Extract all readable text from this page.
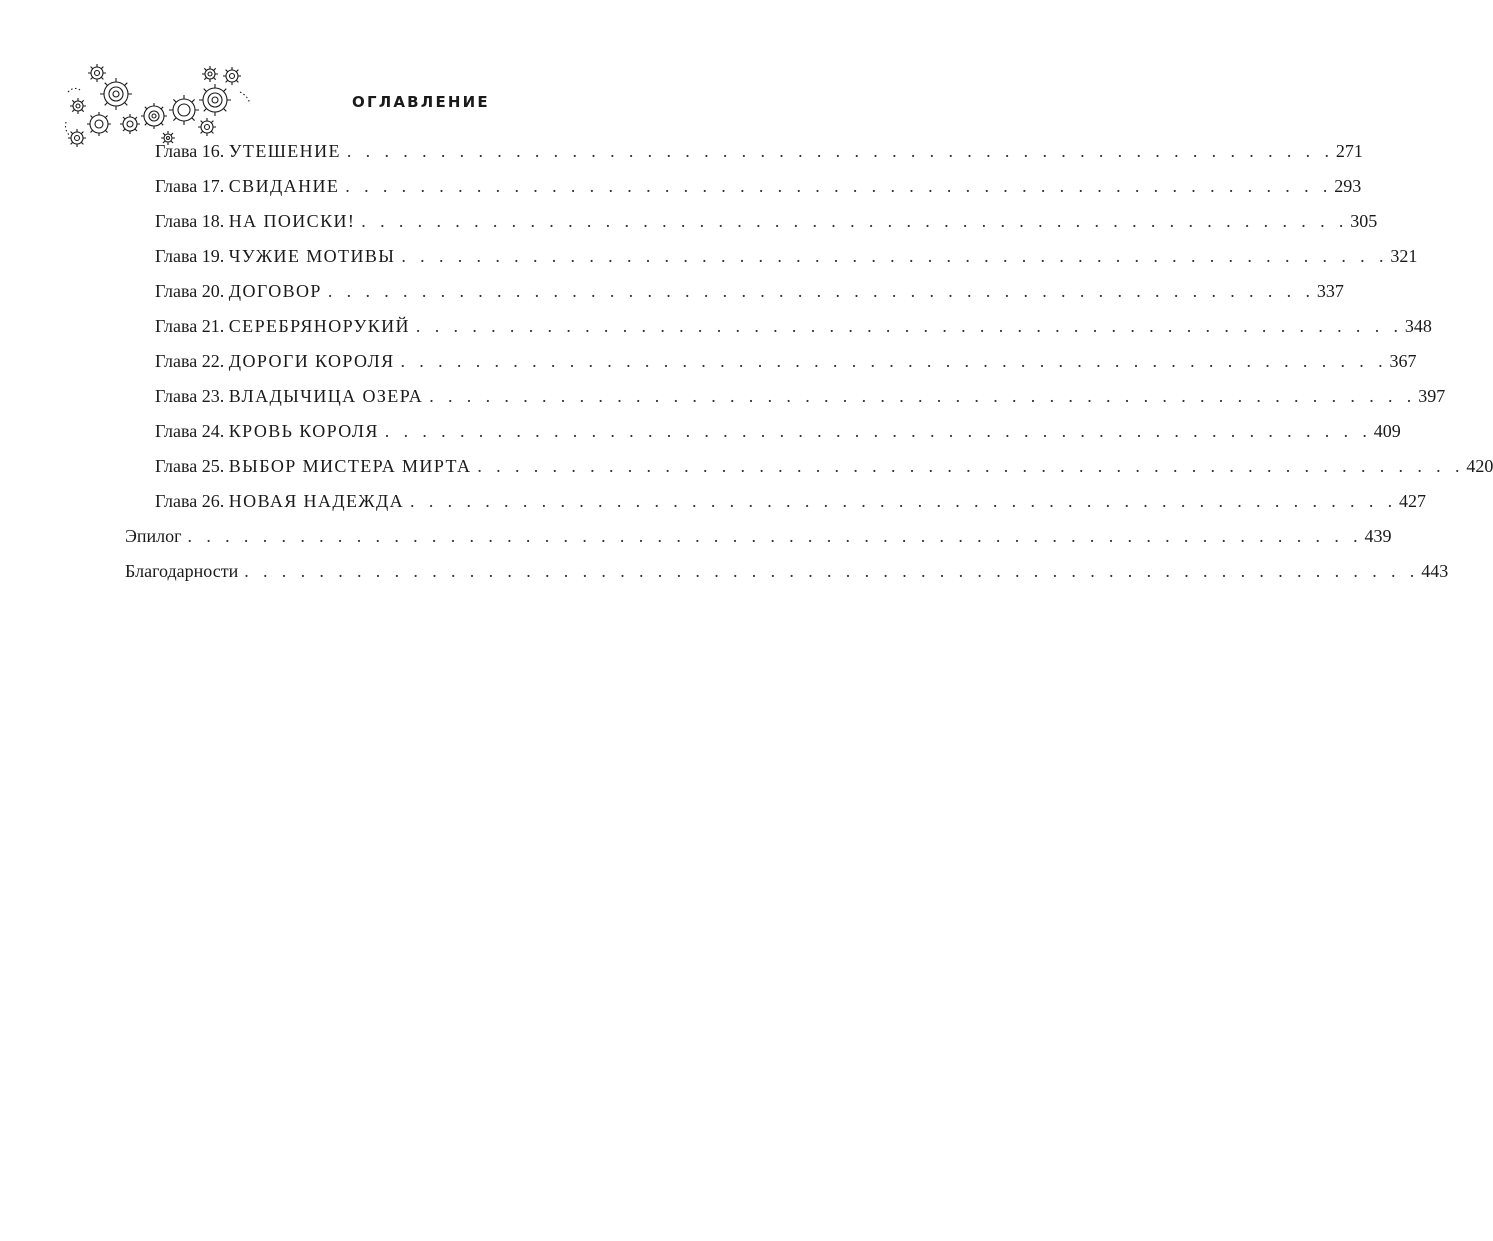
ОГЛАВЛЕНИЕ
Глава 16. УТЕШЕНИЕ . . . . . . . . . . . . . . . . . . . . . . . . . . . . . . . . . . . . . . . . . . . . . . . . . . . . . 271
Глава 17. СВИДАНИЕ . . . . . . . . . . . . . . . . . . . . . . . . . . . . . . . . . . . . . . . . . . . . . . . . . . . . . 293
Глава 18. НА ПОИСКИ! . . . . . . . . . . . . . . . . . . . . . . . . . . . . . . . . . . . . . . . . . . . . . . . . . . . . . 305
Глава 19. ЧУЖИЕ МОТИВЫ . . . . . . . . . . . . . . . . . . . . . . . . . . . . . . . . . . . . . . . . . . . . . . . . . . . . . 321
Глава 20. ДОГОВОР . . . . . . . . . . . . . . . . . . . . . . . . . . . . . . . . . . . . . . . . . . . . . . . . . . . . . 337
Глава 21. СЕРЕБРЯНОРУКИЙ . . . . . . . . . . . . . . . . . . . . . . . . . . . . . . . . . . . . . . . . . . . . . . . . . . . . . 348
Глава 22. ДОРОГИ КОРОЛЯ . . . . . . . . . . . . . . . . . . . . . . . . . . . . . . . . . . . . . . . . . . . . . . . . . . . . . 367
Глава 23. ВЛАДЫЧИЦА ОЗЕРА . . . . . . . . . . . . . . . . . . . . . . . . . . . . . . . . . . . . . . . . . . . . . . . . . . . . . 397
Глава 24. КРОВЬ КОРОЛЯ . . . . . . . . . . . . . . . . . . . . . . . . . . . . . . . . . . . . . . . . . . . . . . . . . . . . . 409
Глава 25. ВЫБОР МИСТЕРА МИРТА . . . . . . . . . . . . . . . . . . . . . . . . . . . . . . . . . . . . . . . . . . . . . . . . . . . . . 420
Глава 26. НОВАЯ НАДЕЖДА . . . . . . . . . . . . . . . . . . . . . . . . . . . . . . . . . . . . . . . . . . . . . . . . . . . . . 427
Эпилог . . . . . . . . . . . . . . . . . . . . . . . . . . . . . . . . . . . . . . . . . . . . . . . . . . . . . . . . . . . . . . . 439
Благодарности . . . . . . . . . . . . . . . . . . . . . . . . . . . . . . . . . . . . . . . . . . . . . . . . . . . . . . . . . . . . . . . 443
